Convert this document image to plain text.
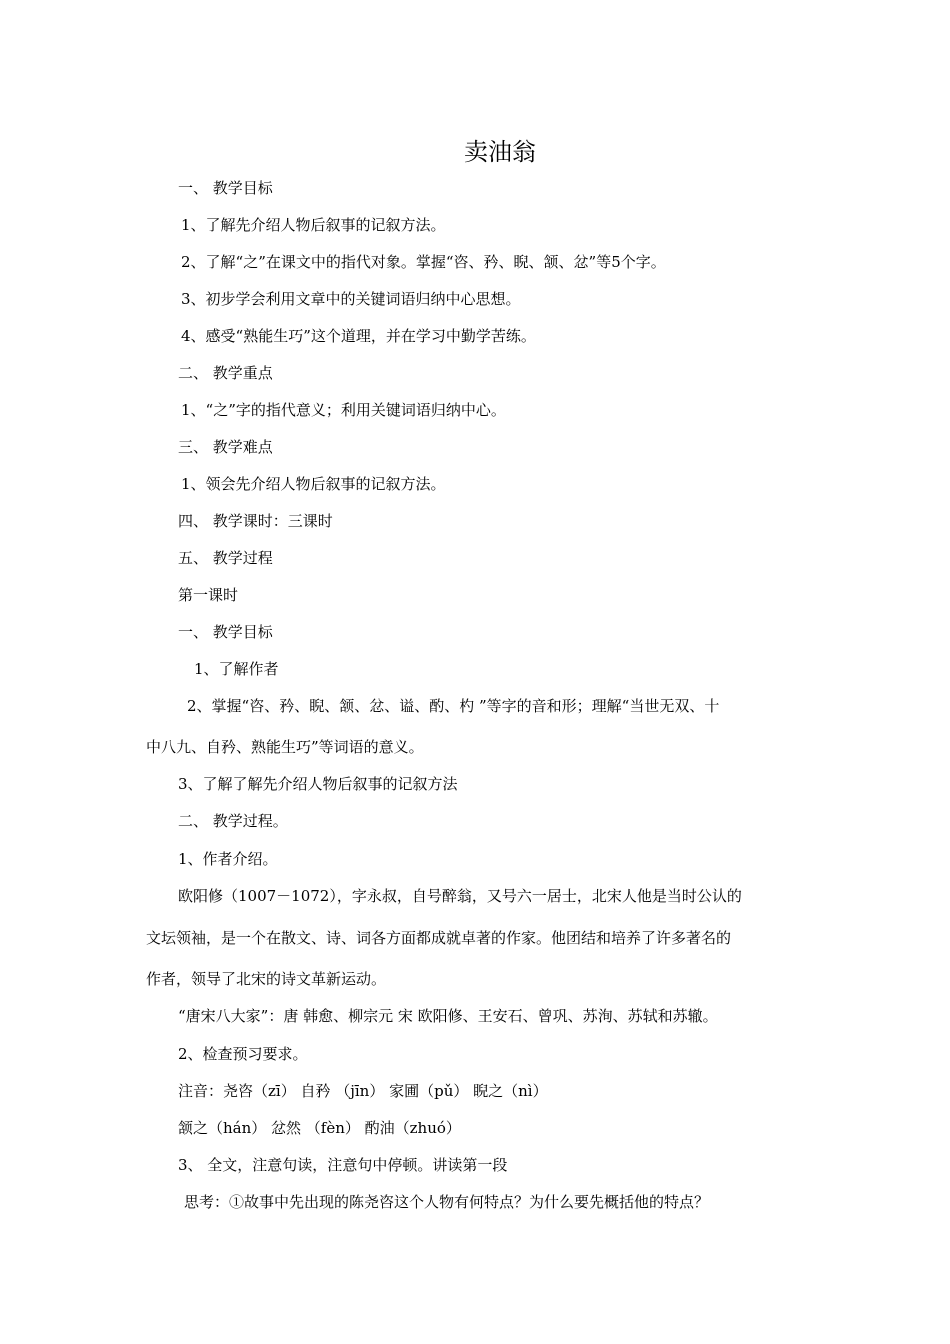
卖油翁
一、 教学目标
1、了解先介绍人物后叙事的记叙方法。
2、了解“之”在课文中的指代对象。掌握“咨、矜、睨、颔、忿”等5个字。
3、初步学会利用文章中的关键词语归纳中心思想。
4、感受“熟能生巧”这个道理，并在学习中勤学苦练。
二、 教学重点
1、“之”字的指代意义；利用关键词语归纳中心。
三、 教学难点
1、领会先介绍人物后叙事的记叙方法。
四、 教学课时：三课时
五、 教学过程
第一课时
一、 教学目标
1、了解作者
2、掌握“咨、矜、睨、颔、忿、谥、酌、杓 ”等字的音和形；理解“当世无双、十
中八九、自矜、熟能生巧”等词语的意义。
3、了解了解先介绍人物后叙事的记叙方法
二、 教学过程。
1、作者介绍。
欧阳修（1007－1072），字永叔，自号醉翁，又号六一居士，北宋人他是当时公认的
文坛领袖，是一个在散文、诗、词各方面都成就卓著的作家。他团结和培养了许多著名的
作者，领导了北宋的诗文革新运动。
“唐宋八大家”：唐 韩愈、柳宗元 宋 欧阳修、王安石、曾巩、苏洵、苏轼和苏辙。
2、检查预习要求。
注音：尧咨（zī） 自矜 （jīn） 家圃（pǔ） 睨之（nì）
颔之（hán） 忿然 （fèn） 酌油（zhuó）
3、 全文，注意句读，注意句中停顿。讲读第一段
思考：①故事中先出现的陈尧咨这个人物有何特点？为什么要先概括他的特点？
